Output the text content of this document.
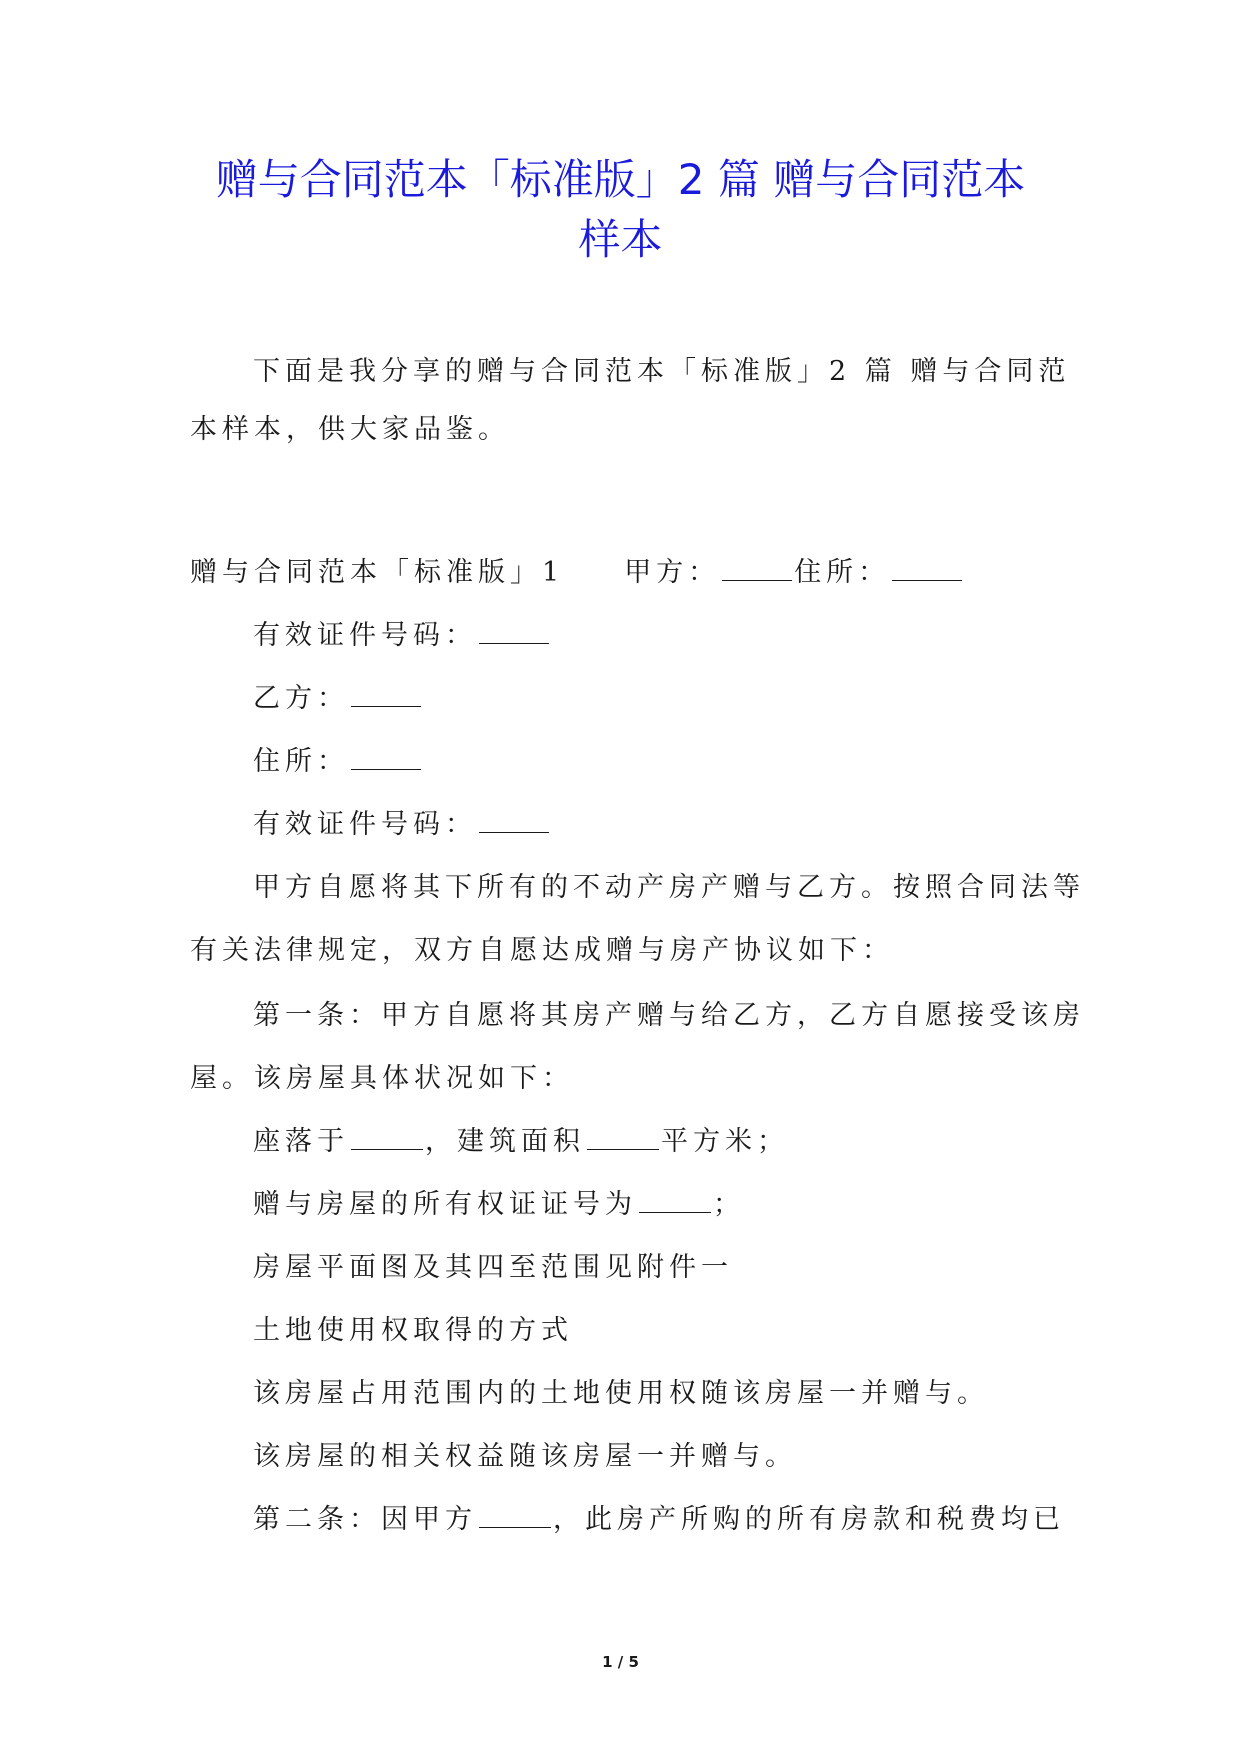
赠与合同范本「标准版」2 篇 赠与合同范本
样本
下面是我分享的赠与合同范本「标准版」2 篇 赠与合同范
本样本，供大家品鉴。
赠与合同范本「标准版」1 甲方：	住所：
有效证件号码：
乙方：
住所：
有效证件号码：
甲方自愿将其下所有的不动产房产赠与乙方。按照合同法等
有关法律规定，双方自愿达成赠与房产协议如下：
第一条：甲方自愿将其房产赠与给乙方，乙方自愿接受该房
屋。该房屋具体状况如下：
座落于	，建筑面积	平方米；
赠与房屋的所有权证证号为	；
房屋平面图及其四至范围见附件一
土地使用权取得的方式
该房屋占用范围内的土地使用权随该房屋一并赠与。
该房屋的相关权益随该房屋一并赠与。
第二条：因甲方	，此房产所购的所有房款和税费均已
1 / 5
